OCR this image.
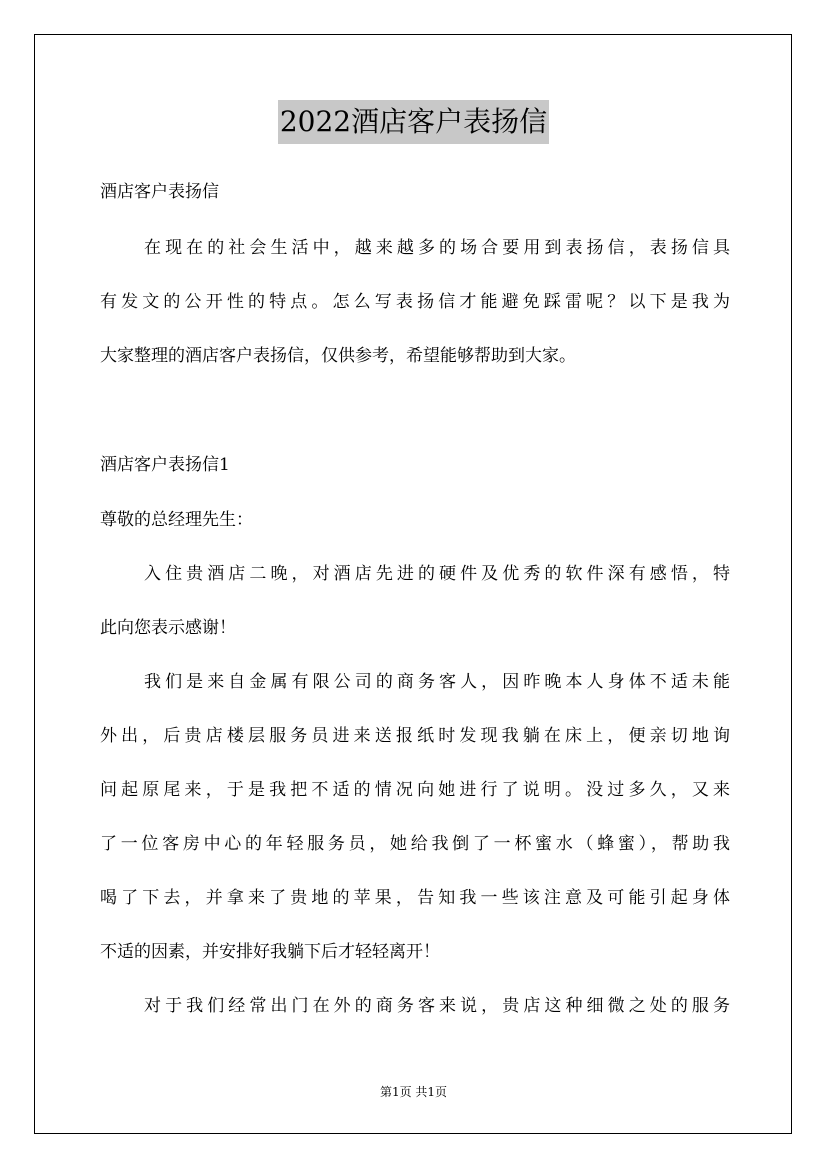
2022酒店客户表扬信
酒店客户表扬信
在现在的社会生活中，越来越多的场合要用到表扬信，表扬信具
有发文的公开性的特点。怎么写表扬信才能避免踩雷呢？以下是我为
大家整理的酒店客户表扬信，仅供参考，希望能够帮助到大家。
酒店客户表扬信1
尊敬的总经理先生：
入住贵酒店二晚，对酒店先进的硬件及优秀的软件深有感悟，特
此向您表示感谢！
我们是来自金属有限公司的商务客人，因昨晚本人身体不适未能
外出，后贵店楼层服务员进来送报纸时发现我躺在床上，便亲切地询
问起原尾来，于是我把不适的情况向她进行了说明。没过多久，又来
了一位客房中心的年轻服务员，她给我倒了一杯蜜水（蜂蜜），帮助我
喝了下去，并拿来了贵地的苹果，告知我一些该注意及可能引起身体
不适的因素，并安排好我躺下后才轻轻离开！
对于我们经常出门在外的商务客来说，贵店这种细微之处的服务
第1页 共1页
